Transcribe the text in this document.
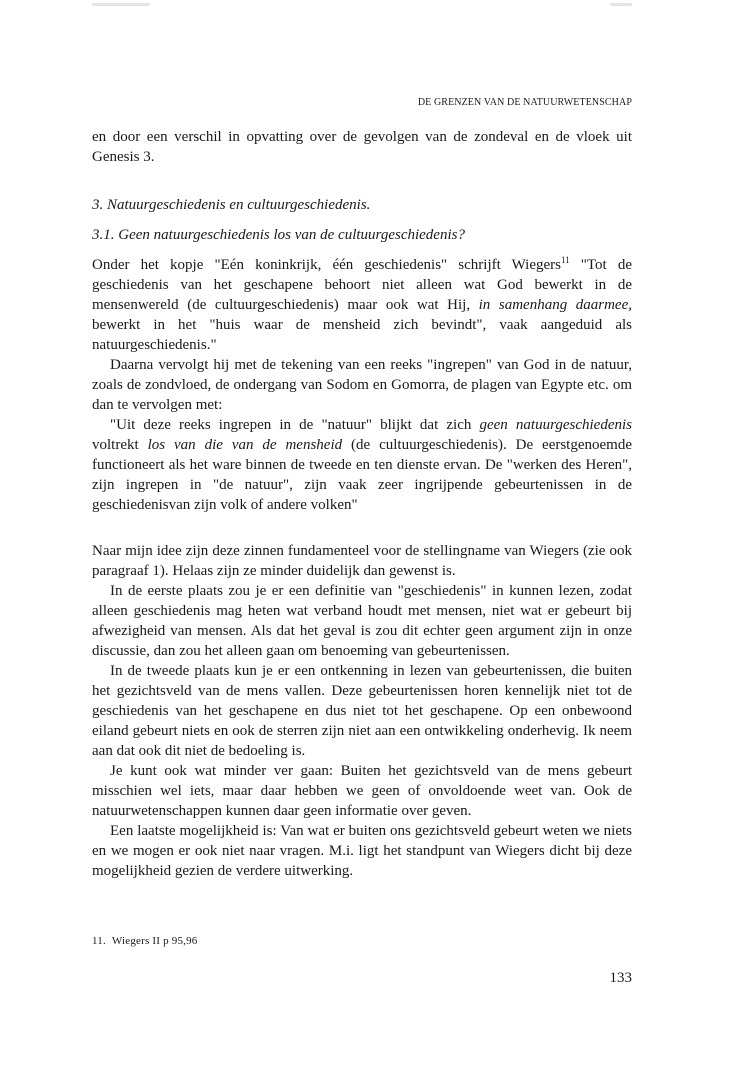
DE GRENZEN VAN DE NATUURWETENSCHAP

en door een verschil in opvatting over de gevolgen van de zondeval en de vloek uit Genesis 3.

3. Natuurgeschiedenis en cultuurgeschiedenis.

3.1. Geen natuurgeschiedenis los van de cultuurgeschiedenis?

Onder het kopje "Eén koninkrijk, één geschiedenis" schrijft Wiegers$^{11}$ "Tot de geschiedenis van het geschapene behoort niet alleen wat God bewerkt in de mensenwereld (de cultuurgeschiedenis) maar ook wat Hij, in samenhang daarmee, bewerkt in het "huis waar de mensheid zich bevindt", vaak aangeduid als natuurgeschiedenis."

Daarna vervolgt hij met de tekening van een reeks "ingrepen" van God in de natuur, zoals de zondvloed, de ondergang van Sodom en Gomorra, de plagen van Egypte etc. om dan te vervolgen met:

"Uit deze reeks ingrepen in de "natuur" blijkt dat zich geen natuurgeschiedenis voltrekt los van die van de mensheid (de cultuurgeschiedenis). De eerstgenoemde functioneert als het ware binnen de tweede en ten dienste ervan. De "werken des Heren", zijn ingrepen in "de natuur", zijn vaak zeer ingrijpende gebeurtenissen in de geschiedenisvan zijn volk of andere volken"

Naar mijn idee zijn deze zinnen fundamenteel voor de stellingname van Wiegers (zie ook paragraaf 1). Helaas zijn ze minder duidelijk dan gewenst is.

In de eerste plaats zou je er een definitie van "geschiedenis" in kunnen lezen, zodat alleen geschiedenis mag heten wat verband houdt met mensen, niet wat er gebeurt bij afwezigheid van mensen. Als dat het geval is zou dit echter geen argument zijn in onze discussie, dan zou het alleen gaan om benoeming van gebeurtenissen.

In de tweede plaats kun je er een ontkenning in lezen van gebeurtenissen, die buiten het gezichtsveld van de mens vallen. Deze gebeurtenissen horen kennelijk niet tot de geschiedenis van het geschapene en dus niet tot het geschapene. Op een onbewoond eiland gebeurt niets en ook de sterren zijn niet aan een ontwikkeling onderhevig. Ik neem aan dat ook dit niet de bedoeling is.

Je kunt ook wat minder ver gaan: Buiten het gezichtsveld van de mens gebeurt misschien wel iets, maar daar hebben we geen of onvoldoende weet van. Ook de natuurwetenschappen kunnen daar geen informatie over geven.

Een laatste mogelijkheid is: Van wat er buiten ons gezichtsveld gebeurt weten we niets en we mogen er ook niet naar vragen. M.i. ligt het standpunt van Wiegers dicht bij deze mogelijkheid gezien de verdere uitwerking.

11. Wiegers II p 95,96
133
